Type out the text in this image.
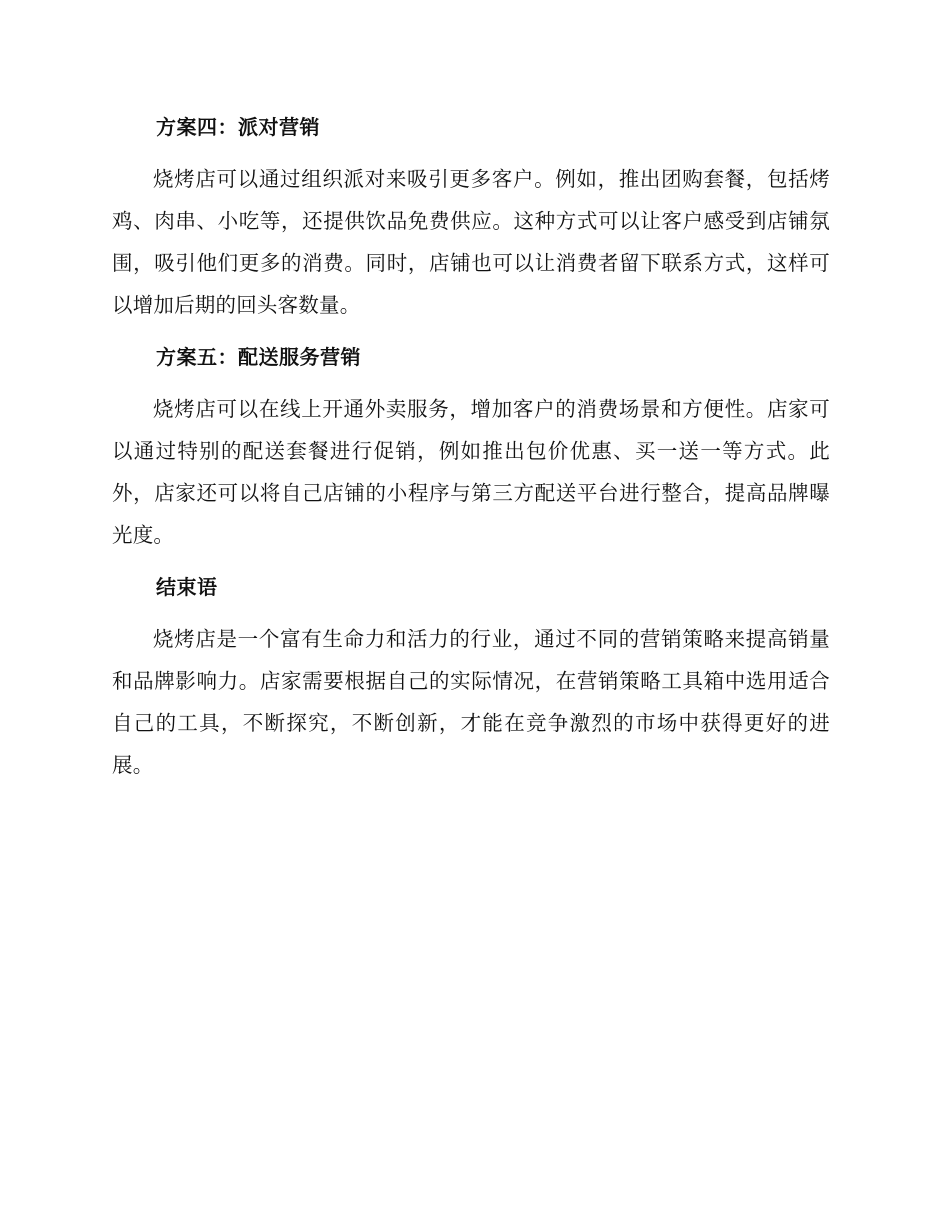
方案四：派对营销

烧烤店可以通过组织派对来吸引更多客户。例如，推出团购套餐，包括烤鸡、肉串、小吃等，还提供饮品免费供应。这种方式可以让客户感受到店铺氛围，吸引他们更多的消费。同时，店铺也可以让消费者留下联系方式，这样可以增加后期的回头客数量。

方案五：配送服务营销

烧烤店可以在线上开通外卖服务，增加客户的消费场景和方便性。店家可以通过特别的配送套餐进行促销，例如推出包价优惠、买一送一等方式。此外，店家还可以将自己店铺的小程序与第三方配送平台进行整合，提高品牌曝光度。

结束语

烧烤店是一个富有生命力和活力的行业，通过不同的营销策略来提高销量和品牌影响力。店家需要根据自己的实际情况，在营销策略工具箱中选用适合自己的工具，不断探究，不断创新，才能在竞争激烈的市场中获得更好的进展。
